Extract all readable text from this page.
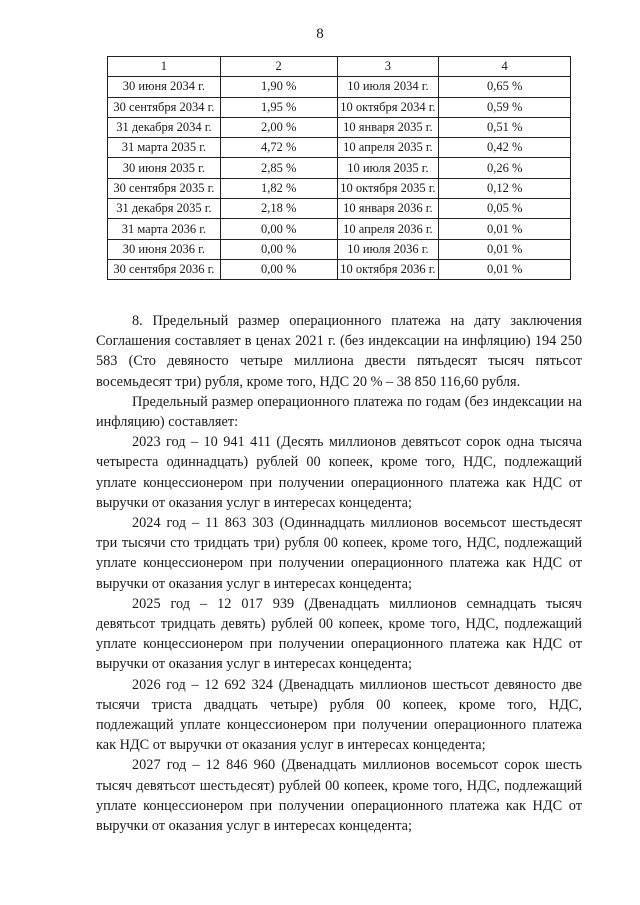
8
1	2	3	4
30 июня 2034 г.	1,90 %	10 июля 2034 г.	0,65 %
30 сентября 2034 г.	1,95 %	10 октября 2034 г.	0,59 %
31 декабря 2034 г.	2,00 %	10 января 2035 г.	0,51 %
31 марта 2035 г.	4,72 %	10 апреля 2035 г.	0,42 %
30 июня 2035 г.	2,85 %	10 июля 2035 г.	0,26 %
30 сентября 2035 г.	1,82 %	10 октября 2035 г.	0,12 %
31 декабря 2035 г.	2,18 %	10 января 2036 г.	0,05 %
31 марта 2036 г.	0,00 %	10 апреля 2036 г.	0,01 %
30 июня 2036 г.	0,00 %	10 июля 2036 г.	0,01 %
30 сентября 2036 г.	0,00 %	10 октября 2036 г.	0,01 %

8. Предельный размер операционного платежа на дату заключения Соглашения составляет в ценах 2021 г. (без индексации на инфляцию) 194 250 583 (Сто девяносто четыре миллиона двести пятьдесят тысяч пятьсот восемьдесят три) рубля, кроме того, НДС 20 % – 38 850 116,60 рубля.

Предельный размер операционного платежа по годам (без индексации на инфляцию) составляет:

2023 год – 10 941 411 (Десять миллионов девятьсот сорок одна тысяча четыреста одиннадцать) рублей 00 копеек, кроме того, НДС, подлежащий уплате концессионером при получении операционного платежа как НДС от выручки от оказания услуг в интересах концедента;

2024 год – 11 863 303 (Одиннадцать миллионов восемьсот шестьдесят три тысячи сто тридцать три) рубля 00 копеек, кроме того, НДС, подлежащий уплате концессионером при получении операционного платежа как НДС от выручки от оказания услуг в интересах концедента;

2025 год – 12 017 939 (Двенадцать миллионов семнадцать тысяч девятьсот тридцать девять) рублей 00 копеек, кроме того, НДС, подлежащий уплате концессионером при получении операционного платежа как НДС от выручки от оказания услуг в интересах концедента;

2026 год – 12 692 324 (Двенадцать миллионов шестьсот девяносто две тысячи триста двадцать четыре) рубля 00 копеек, кроме того, НДС, подлежащий уплате концессионером при получении операционного платежа как НДС от выручки от оказания услуг в интересах концедента;

2027 год – 12 846 960 (Двенадцать миллионов восемьсот сорок шесть тысяч девятьсот шестьдесят) рублей 00 копеек, кроме того, НДС, подлежащий уплате концессионером при получении операционного платежа как НДС от выручки от оказания услуг в интересах концедента;
